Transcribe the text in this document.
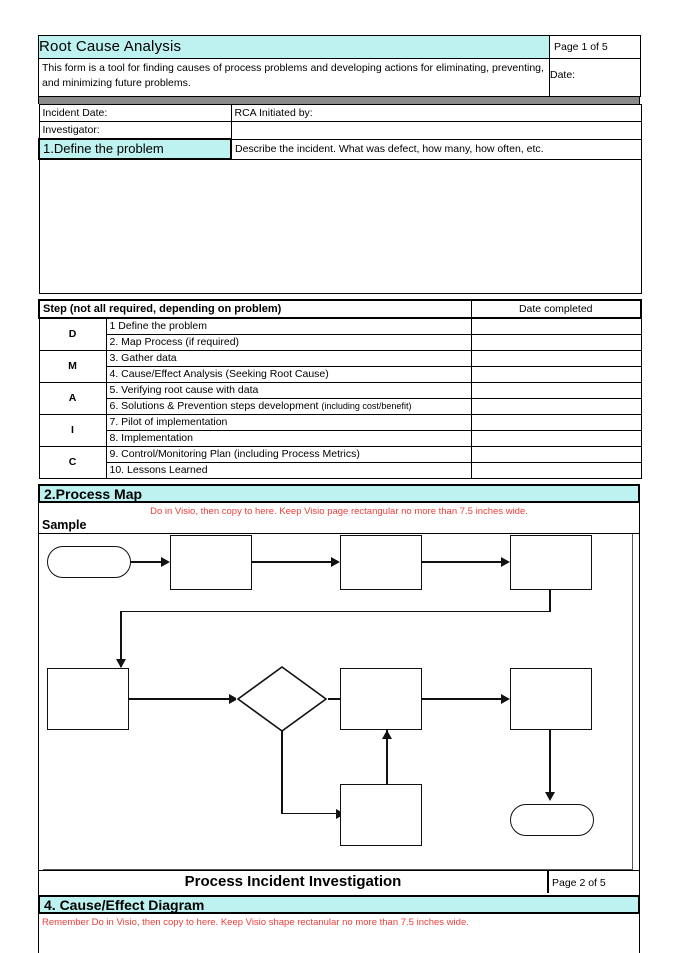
Root Cause Analysis	Page 1 of 5
This form is a tool for finding causes of process problems and developing actions for eliminating, preventing, and minimizing future problems.	Date:
Incident Date:	RCA Initiated by:
Investigator:	
1.Define the problem	Describe the incident. What was defect, how many, how often, etc.

Step (not all required, depending on problem)		Date completed
D	1 Define the problem	
	2. Map Process (if required)	
M	3. Gather data	
	4. Cause/Effect Analysis (Seeking Root Cause)	
A	5. Verifying root cause with data	
	6. Solutions & Prevention steps development (including cost/benefit)	
I	7. Pilot of implementation	
	8. Implementation	
C	9. Control/Monitoring Plan (including Process Metrics)	
	10. Lessons Learned	
2.Process Map
Do in Visio, then copy to here. Keep Visio page rectangular no more than 7.5 inches wide.
Sample
Process Incident Investigation	Page 2 of 5
4. Cause/Effect Diagram
Remember Do in Visio, then copy to here. Keep Visio shape rectanular no more than 7.5 inches wide.
